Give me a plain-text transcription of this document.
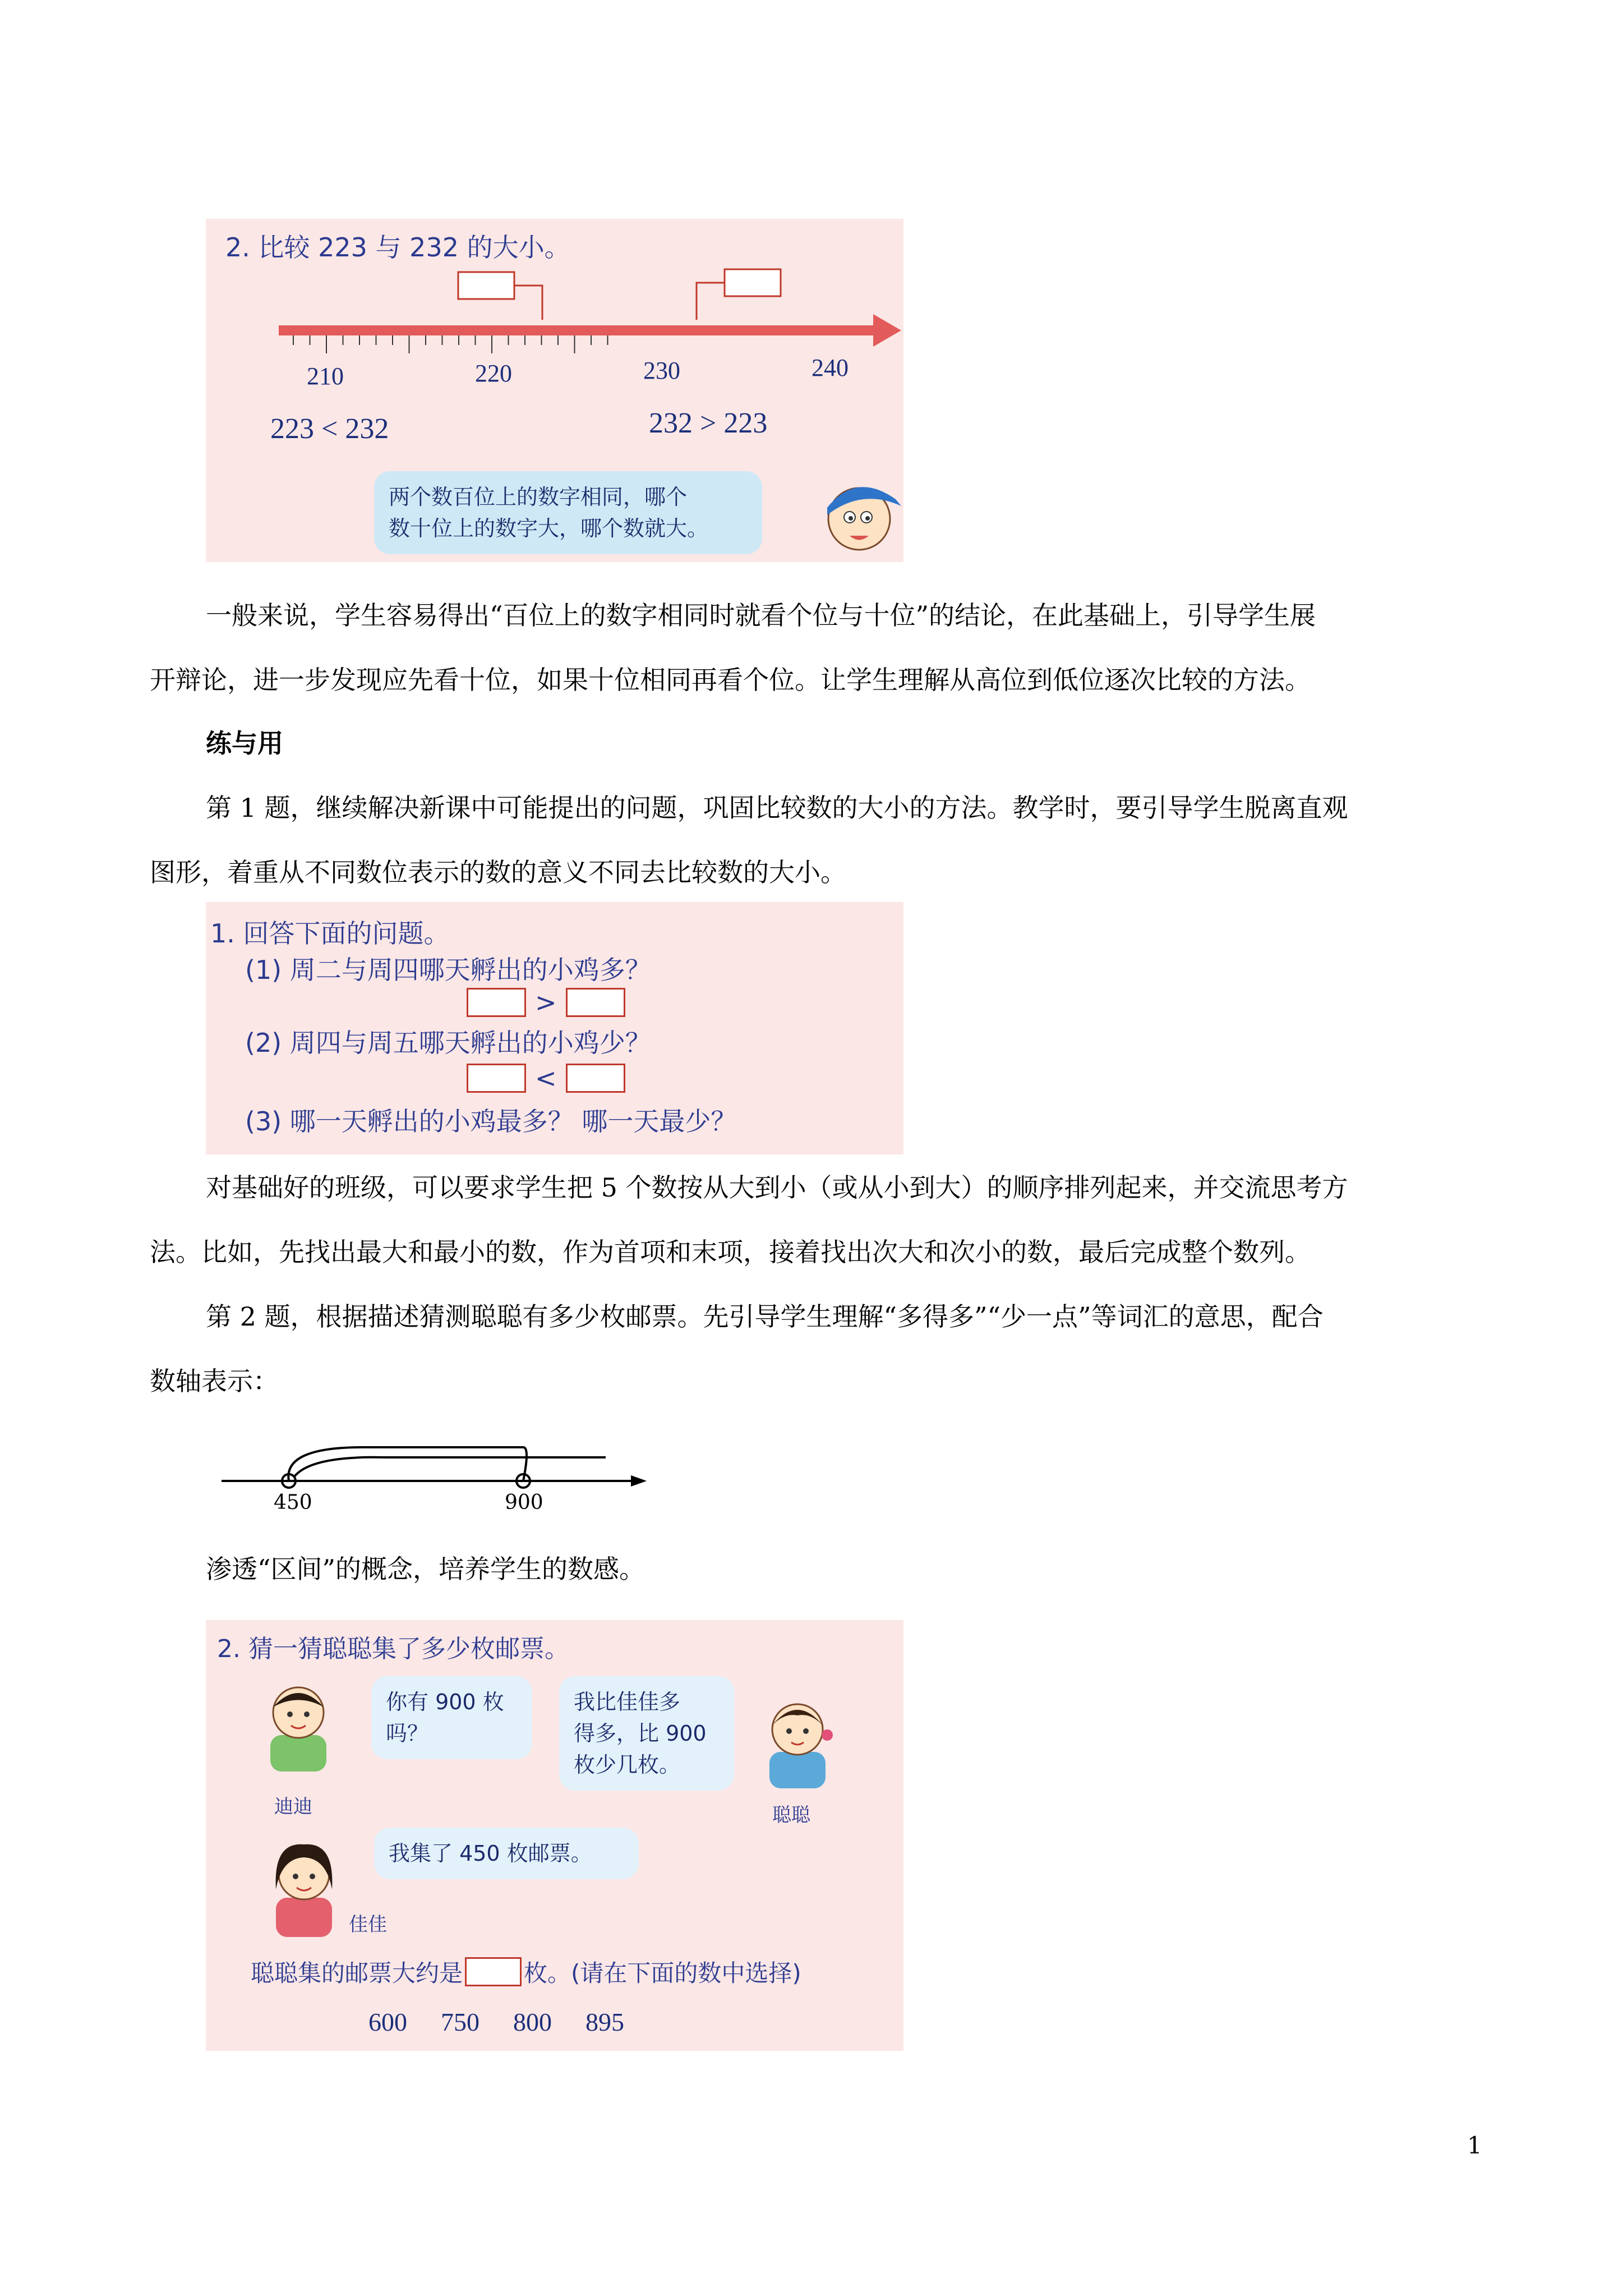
2. 比较 223 与 232 的大小。
210	220	230	240
223 < 232	232 > 223
两个数百位上的数字相同，哪个
数十位上的数字大，哪个数就大。
一般来说，学生容易得出“百位上的数字相同时就看个位与十位”的结论，在此基础上，引导学生展
开辩论，进一步发现应先看十位，如果十位相同再看个位。让学生理解从高位到低位逐次比较的方法。
练与用
第 1 题，继续解决新课中可能提出的问题，巩固比较数的大小的方法。教学时，要引导学生脱离直观
图形，着重从不同数位表示的数的意义不同去比较数的大小。
1. 回答下面的问题。
(1) 周二与周四哪天孵出的小鸡多？
>
(2) 周四与周五哪天孵出的小鸡少？
<
(3) 哪一天孵出的小鸡最多？ 哪一天最少？
对基础好的班级，可以要求学生把 5 个数按从大到小（或从小到大）的顺序排列起来，并交流思考方
法。比如，先找出最大和最小的数，作为首项和末项，接着找出次大和次小的数，最后完成整个数列。
第 2 题，根据描述猜测聪聪有多少枚邮票。先引导学生理解“多得多”“少一点”等词汇的意思，配合
数轴表示：
450	900
渗透“区间”的概念，培养学生的数感。
2. 猜一猜聪聪集了多少枚邮票。
迪迪
你有 900 枚
吗？
我比佳佳多
得多，比 900
枚少几枚。
聪聪
佳佳
我集了 450 枚邮票。
聪聪集的邮票大约是	枚。(请在下面的数中选择)
600 750 800 895
1
